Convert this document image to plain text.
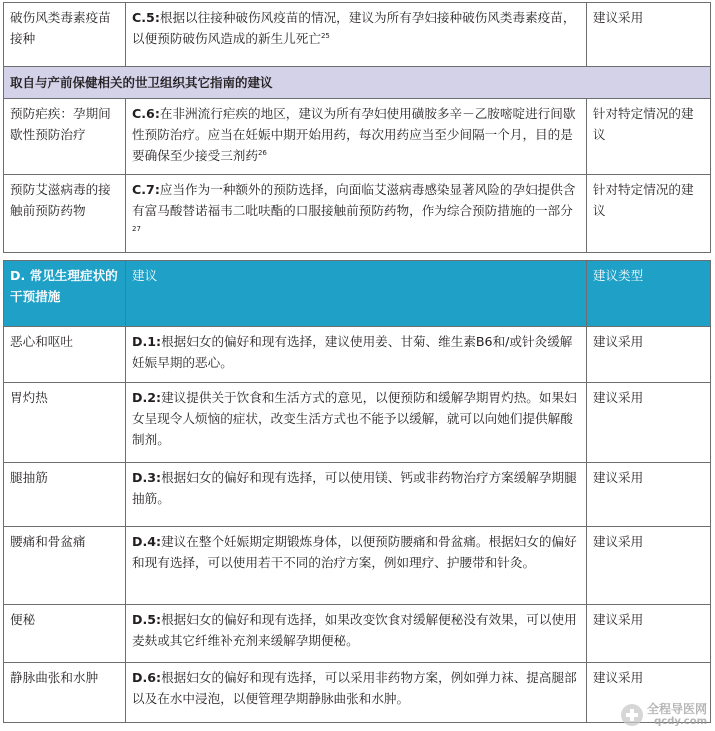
破伤风类毒素疫苗接种	C.5:根据以往接种破伤风疫苗的情况，建议为所有孕妇接种破伤风类毒素疫苗，以便预防破伤风造成的新生儿死亡$^{25}$	建议采用
取自与产前保健相关的世卫组织其它指南的建议		
预防疟疾：孕期间歇性预防治疗	C.6:在非洲流行疟疾的地区，建议为所有孕妇使用磺胺多辛－乙胺嘧啶进行间歇性预防治疗。应当在妊娠中期开始用药，每次用药应当至少间隔一个月，目的是要确保至少接受三剂药$^{26}$	针对特定情况的建议
预防艾滋病毒的接触前预防药物	C.7:应当作为一种额外的预防选择，向面临艾滋病毒感染显著风险的孕妇提供含有富马酸替诺福韦二吡呋酯的口服接触前预防药物，作为综合预防措施的一部分$^{27}$	针对特定情况的建议
D. 常见生理症状的干预措施	建议	建议类型
恶心和呕吐	D.1:根据妇女的偏好和现有选择，建议使用姜、甘菊、维生素B6和/或针灸缓解妊娠早期的恶心。	建议采用
胃灼热	D.2:建议提供关于饮食和生活方式的意见，以便预防和缓解孕期胃灼热。如果妇女呈现令人烦恼的症状，改变生活方式也不能予以缓解，就可以向她们提供解酸制剂。	建议采用
腿抽筋	D.3:根据妇女的偏好和现有选择，可以使用镁、钙或非药物治疗方案缓解孕期腿抽筋。	建议采用
腰痛和骨盆痛	D.4:建议在整个妊娠期定期锻炼身体，以便预防腰痛和骨盆痛。根据妇女的偏好和现有选择，可以使用若干不同的治疗方案，例如理疗、护腰带和针灸。	建议采用
便秘	D.5:根据妇女的偏好和现有选择，如果改变饮食对缓解便秘没有效果，可以使用麦麸或其它纤维补充剂来缓解孕期便秘。	建议采用
静脉曲张和水肿	D.6:根据妇女的偏好和现有选择，可以采用非药物方案，例如弹力袜、提高腿部以及在水中浸泡，以便管理孕期静脉曲张和水肿。	建议采用
全程导医网
qcdy.com
